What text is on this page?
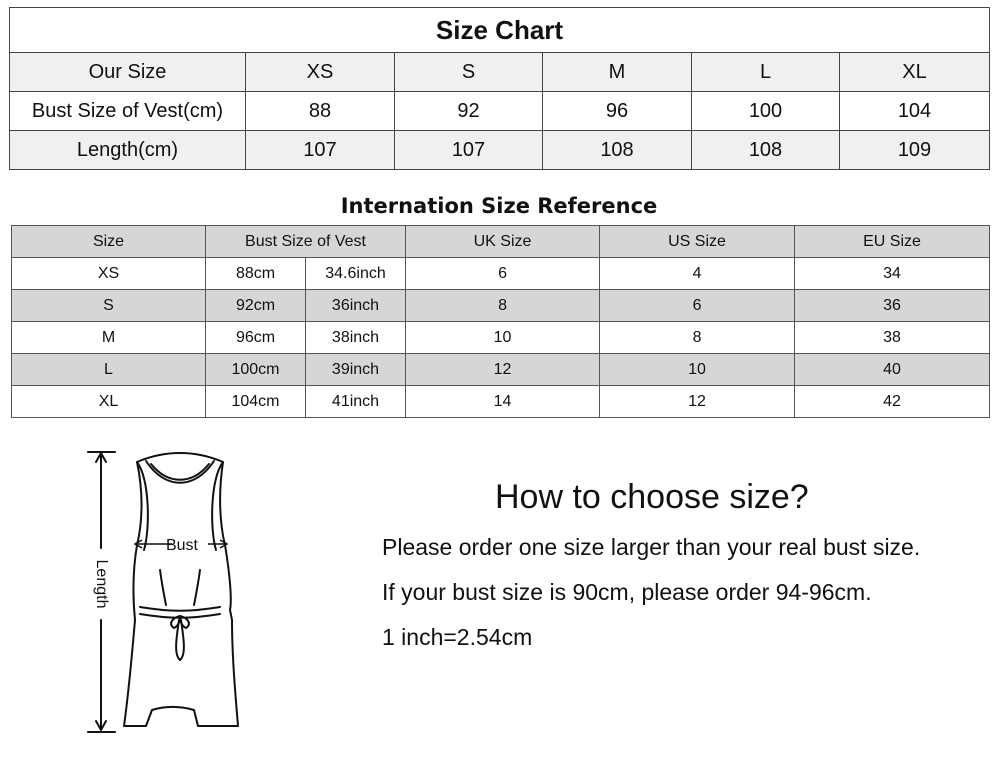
Size Chart					
Our Size	XS	S	M	L	XL
Bust Size of Vest(cm)	88	92	96	100	104
Length(cm)	107	107	108	108	109
Internation Size Reference
Size	Bust Size of Vest		UK Size	US Size	EU Size
XS	88cm	34.6inch	6	4	34
S	92cm	36inch	8	6	36
M	96cm	38inch	10	8	38
L	100cm	39inch	12	10	40
XL	104cm	41inch	14	12	42
Bust
Length
How to choose size?
Please order one size larger than your real bust size.
If your bust size is 90cm, please order 94-96cm.
1 inch=2.54cm
